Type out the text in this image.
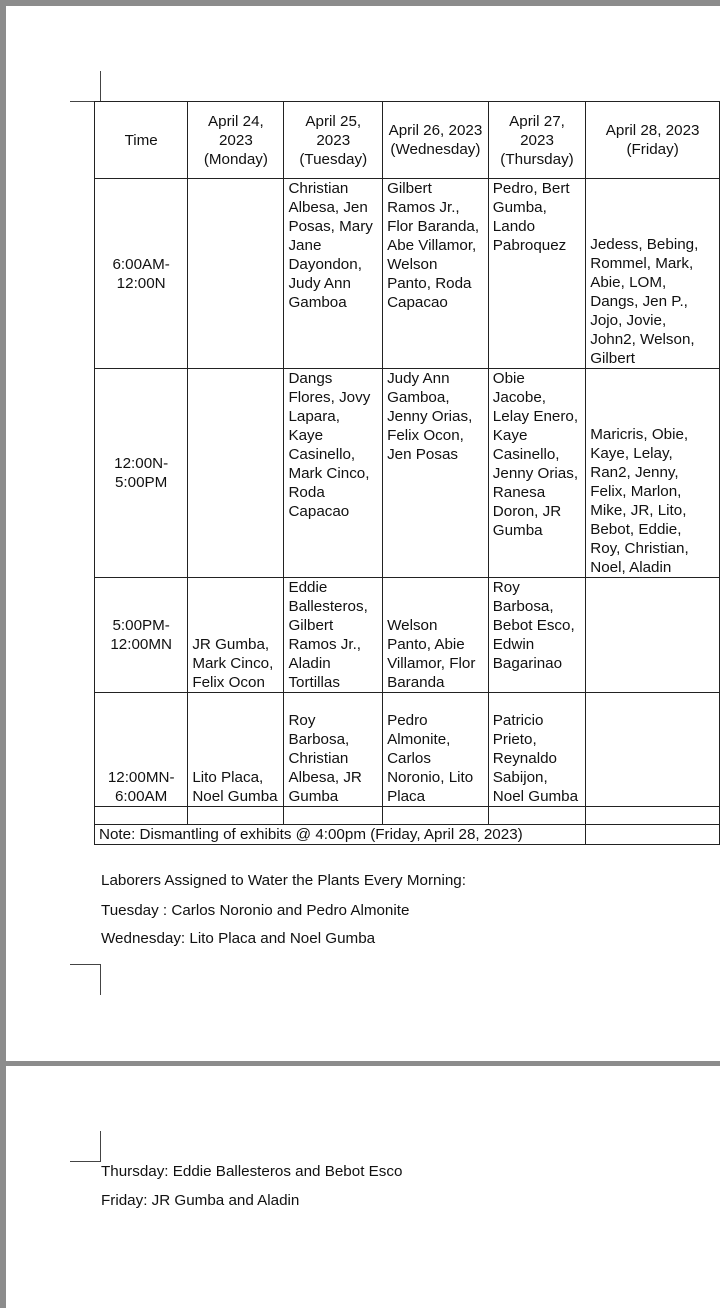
Time	April 24, 2023 (Monday)	April 25, 2023 (Tuesday)	April 26, 2023 (Wednesday)	April 27, 2023 (Thursday)	April 28, 2023 (Friday)
6:00AM-12:00N		Christian Albesa, Jen Posas, Mary Jane Dayondon, Judy Ann Gamboa	Gilbert Ramos Jr., Flor Baranda, Abe Villamor, Welson Panto, Roda Capacao	Pedro, Bert Gumba, Lando Pabroquez	Jedess, Bebing, Rommel, Mark, Abie, LOM, Dangs, Jen P., Jojo, Jovie, John2, Welson, Gilbert
12:00N-5:00PM		Dangs Flores, Jovy Lapara, Kaye Casinello, Mark Cinco, Roda Capacao	Judy Ann Gamboa, Jenny Orias, Felix Ocon, Jen Posas	Obie Jacobe, Lelay Enero, Kaye Casinello, Jenny Orias, Ranesa Doron, JR Gumba	Maricris, Obie, Kaye, Lelay, Ran2, Jenny, Felix, Marlon, Mike, JR, Lito, Bebot, Eddie, Roy, Christian, Noel, Aladin
5:00PM-12:00MN	JR Gumba, Mark Cinco, Felix Ocon	Eddie Ballesteros, Gilbert Ramos Jr., Aladin Tortillas	Welson Panto, Abie Villamor, Flor Baranda	Roy Barbosa, Bebot Esco, Edwin Bagarinao	
12:00MN-6:00AM	Lito Placa, Noel Gumba	Roy Barbosa, Christian Albesa, JR Gumba	Pedro Almonite, Carlos Noronio, Lito Placa	Patricio Prieto, Reynaldo Sabijon, Noel Gumba	

Note: Dismantling of exhibits @ 4:00pm (Friday, April 28, 2023)					
Laborers Assigned to Water the Plants Every Morning:
Tuesday : Carlos Noronio and Pedro Almonite
Wednesday: Lito Placa and Noel Gumba
Thursday: Eddie Ballesteros and Bebot Esco
Friday: JR Gumba and Aladin
